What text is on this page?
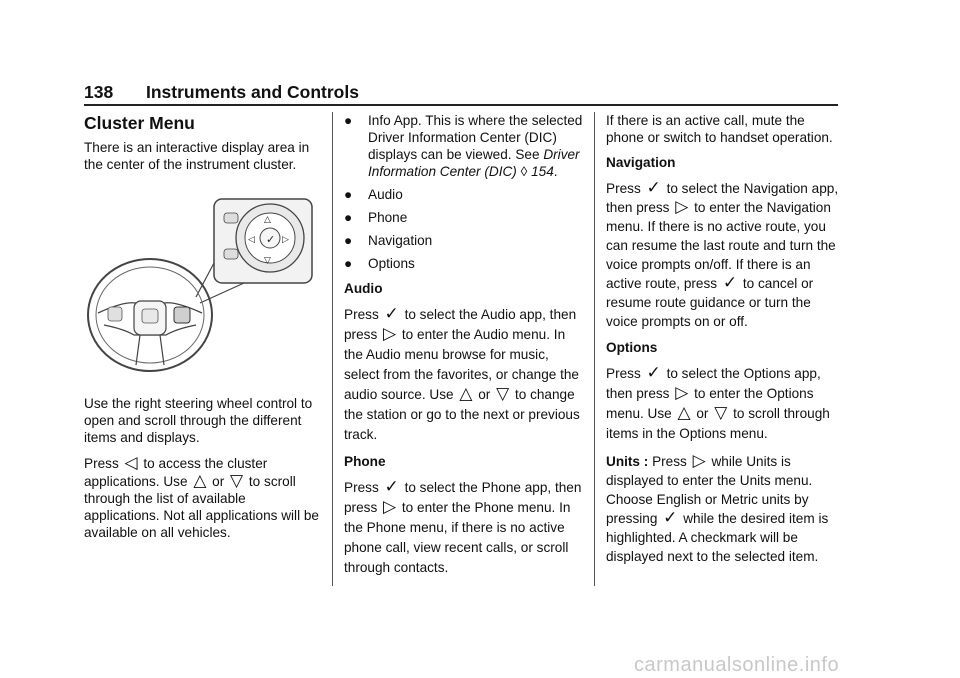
138 Instruments and Controls
Cluster Menu

There is an interactive display area in the center of the instrument cluster.

✓
△
▽
◁	▷

Use the right steering wheel control to open and scroll through the different items and displays.

Press ◁ to access the cluster applications. Use △ or ▽ to scroll through the list of available applications. Not all applications will be available on all vehicles.

● Info App. This is where the selected Driver Information Center (DIC) displays can be viewed. See Driver Information Center (DIC) ◊ 154.
● Audio
● Phone
● Navigation
● Options

Audio

Press ✓ to select the Audio app, then press ▷ to enter the Audio menu. In the Audio menu browse for music, select from the favorites, or change the audio source. Use △ or ▽ to change the station or go to the next or previous track.

Phone

Press ✓ to select the Phone app, then press ▷ to enter the Phone menu. In the Phone menu, if there is no active phone call, view recent calls, or scroll through contacts.

If there is an active call, mute the phone or switch to handset operation.

Navigation

Press ✓ to select the Navigation app, then press ▷ to enter the Navigation menu. If there is no active route, you can resume the last route and turn the voice prompts on/off. If there is an active route, press ✓ to cancel or resume route guidance or turn the voice prompts on or off.

Options

Press ✓ to select the Options app, then press ▷ to enter the Options menu. Use △ or ▽ to scroll through items in the Options menu.

Units : Press ▷ while Units is displayed to enter the Units menu. Choose English or Metric units by pressing ✓ while the desired item is highlighted. A checkmark will be displayed next to the selected item.

carmanualsonline.info
